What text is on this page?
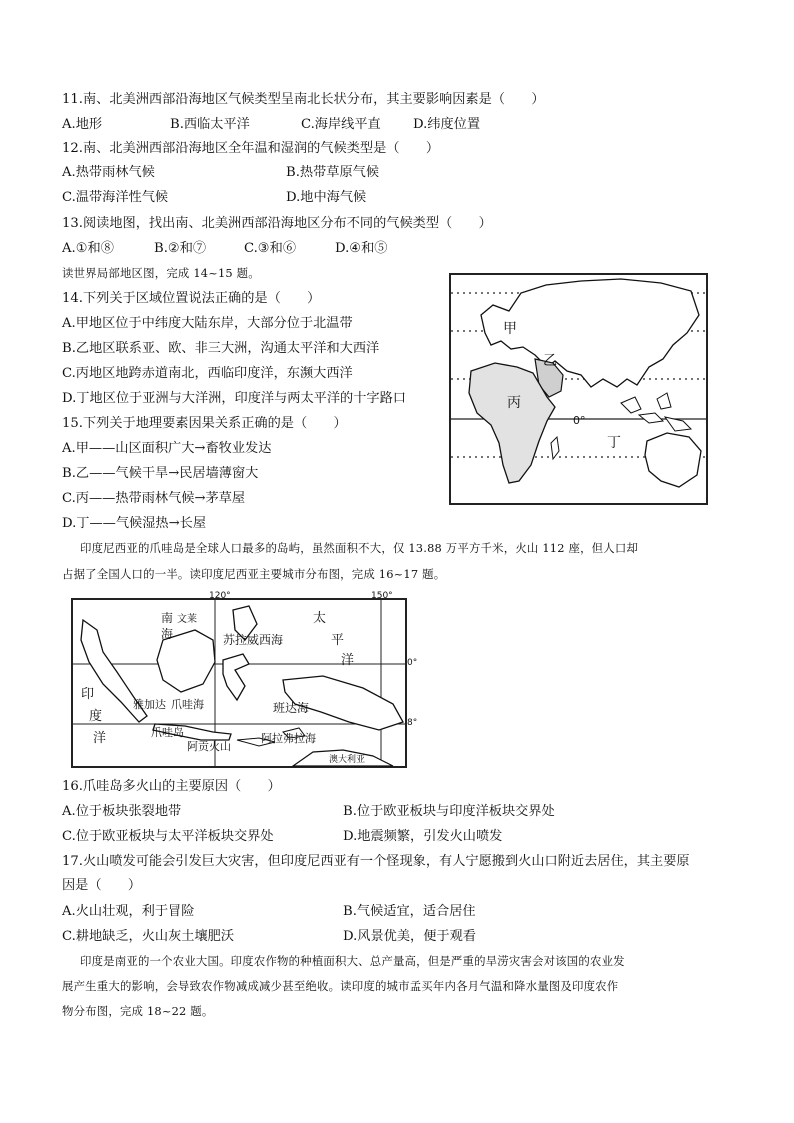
11.南、北美洲西部沿海地区气候类型呈南北长状分布，其主要影响因素是（　　）
A.地形	B.西临太平洋	C.海岸线平直 D.纬度位置
12.南、北美洲西部沿海地区全年温和湿润的气候类型是（　　）
A.热带雨林气候	B.热带草原气候
C.温带海洋性气候	D.地中海气候
13.阅读地图，找出南、北美洲西部沿海地区分布不同的气候类型（　　）
A.①和⑧	B.②和⑦	C.③和⑥	D.④和⑤
读世界局部地区图，完成 14~15 题。
14.下列关于区域位置说法正确的是（　　）
A.甲地区位于中纬度大陆东岸，大部分位于北温带
B.乙地区联系亚、欧、非三大洲，沟通太平洋和大西洋
C.丙地区地跨赤道南北，西临印度洋，东濒大西洋
D.丁地区位于亚洲与大洋洲，印度洋与两太平洋的十字路口
15.下列关于地理要素因果关系正确的是（　　）
A.甲——山区面积广大→畜牧业发达
B.乙——气候干旱→民居墙薄窗大
C.丙——热带雨林气候→茅草屋
D.丁——气候湿热→长屋
甲
乙
丙
丁
0°
印度尼西亚的爪哇岛是全球人口最多的岛屿，虽然面积不大，仅 13.88 万平方千米，火山 112 座，但人口却
占据了全国人口的一半。读印度尼西亚主要城市分布图，完成 16~17 题。
120°	150°
南
海
文莱
苏拉威西海
太
平
洋
印
度
洋
雅加达 爪哇海
爪哇岛
班达海
阿贡火山
阿拉弗拉海
澳大利亚
0°
8°
16.爪哇岛多火山的主要原因（　　）
A.位于板块张裂地带	B.位于欧亚板块与印度洋板块交界处
C.位于欧亚板块与太平洋板块交界处	D.地震频繁，引发火山喷发
17.火山喷发可能会引发巨大灾害，但印度尼西亚有一个怪现象，有人宁愿搬到火山口附近去居住，其主要原
因是（　　）
A.火山壮观，利于冒险	B.气候适宜，适合居住
C.耕地缺乏，火山灰土壤肥沃	D.风景优美，便于观看
印度是南亚的一个农业大国。印度农作物的种植面积大、总产量高，但是严重的旱涝灾害会对该国的农业发
展产生重大的影响，会导致农作物减成减少甚至绝收。读印度的城市孟买年内各月气温和降水量图及印度农作
物分布图，完成 18~22 题。
